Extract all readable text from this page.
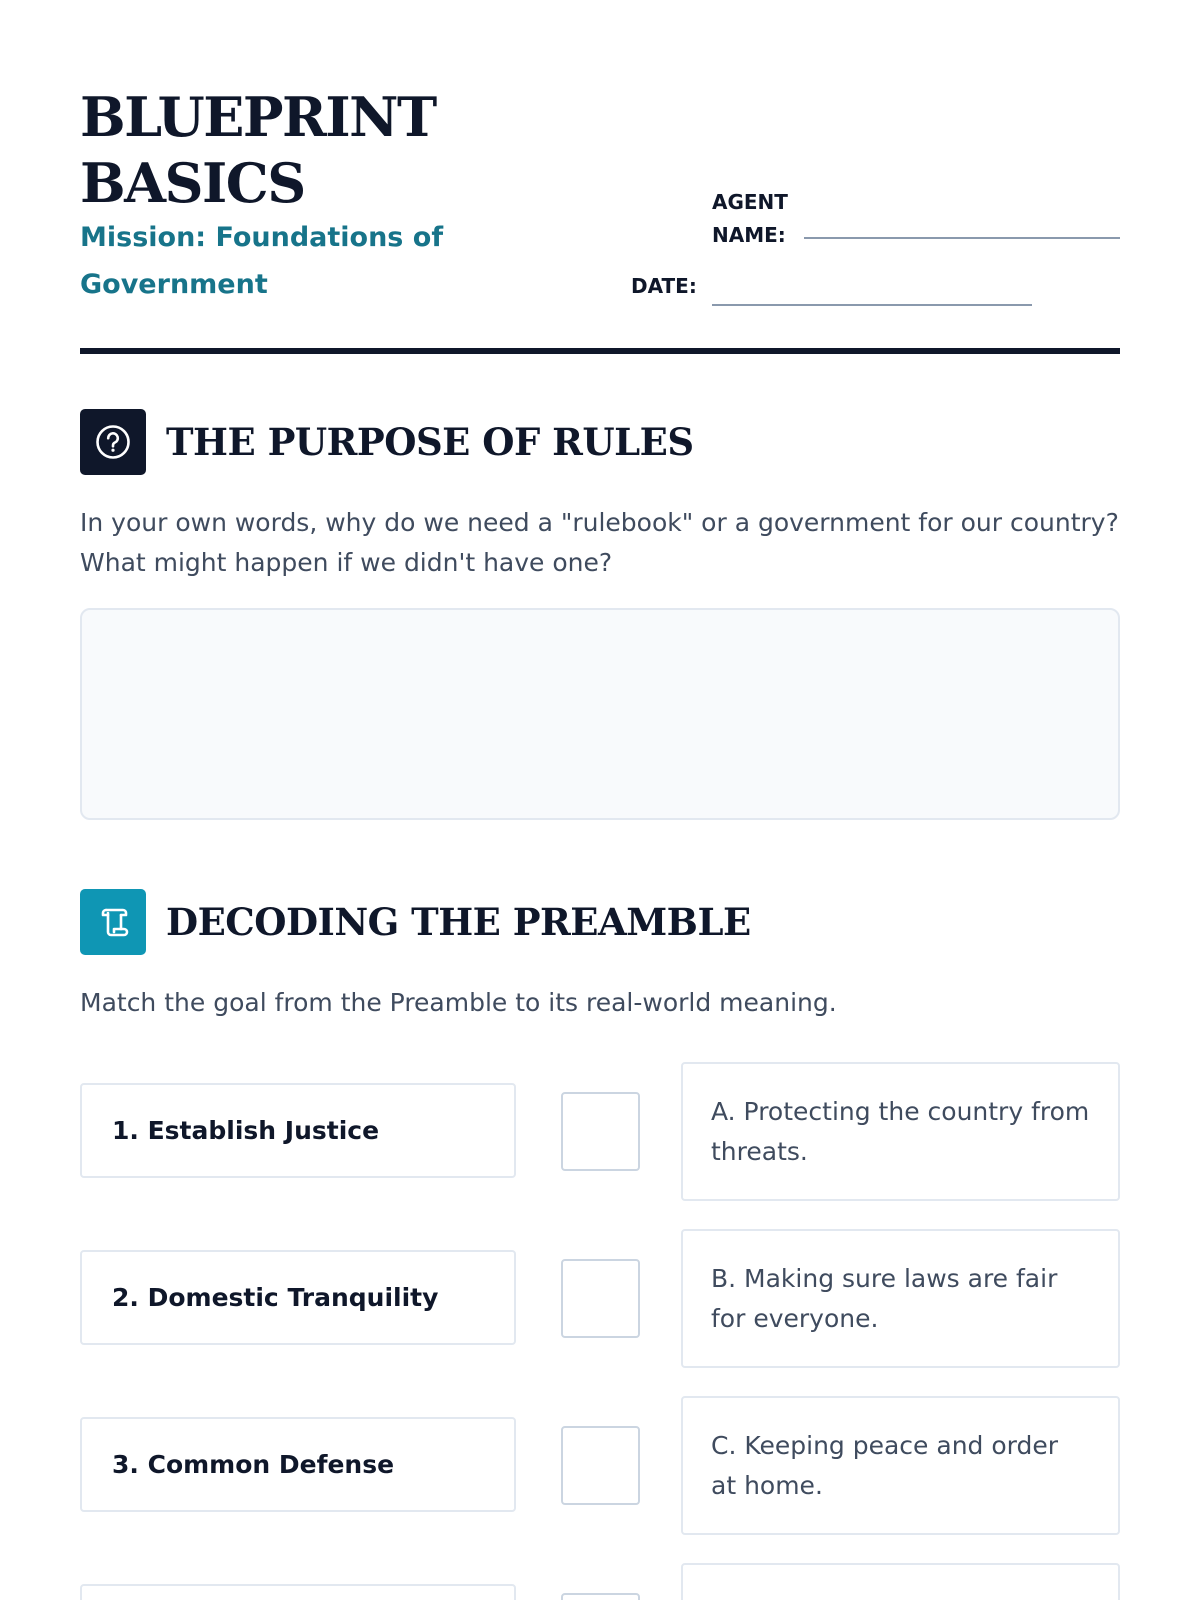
BLUEPRINT
BASICS
Mission: Foundations of Government
AGENT
NAME:
DATE:
THE PURPOSE OF RULES
In your own words, why do we need a "rulebook" or a government for our country? What might happen if we didn't have one?
DECODING THE PREAMBLE
Match the goal from the Preamble to its real-world meaning.
1. Establish Justice
A. Protecting the country from threats.
2. Domestic Tranquility
B. Making sure laws are fair for everyone.
3. Common Defense
C. Keeping peace and order at home.
